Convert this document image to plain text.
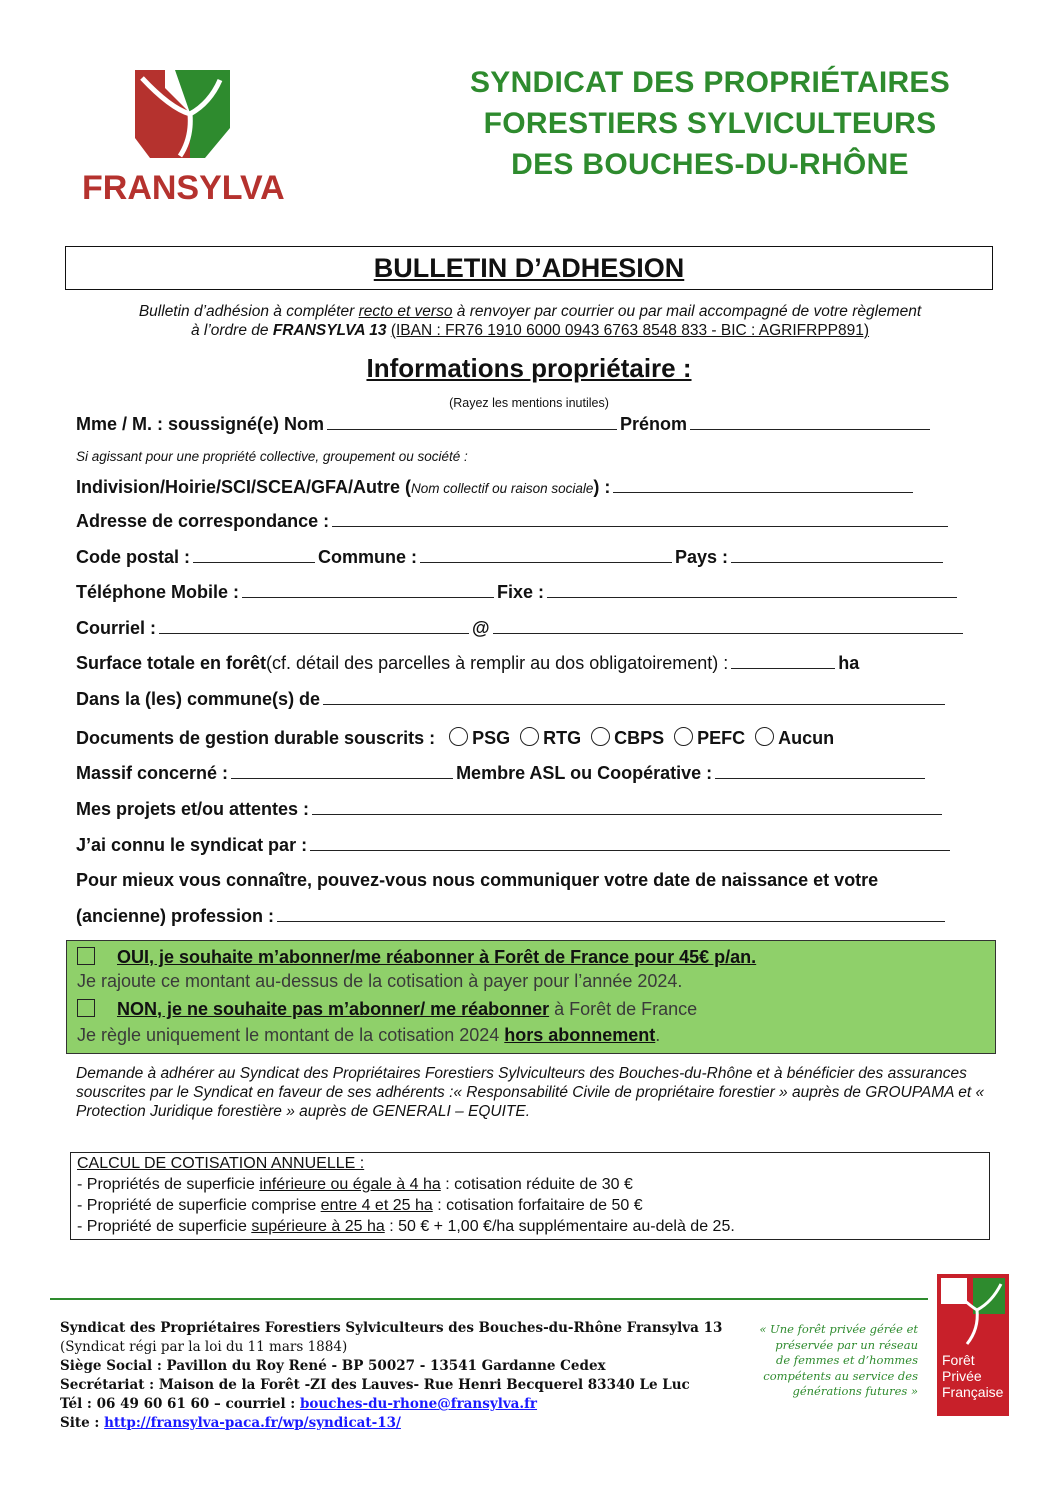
FRANSYLVA
SYNDICAT DES PROPRIÉTAIRES
FORESTIERS SYLVICULTEURS
DES BOUCHES-DU-RHÔNE
BULLETIN D’ADHESION
Bulletin d’adhésion à compléter recto et verso à renvoyer par courrier ou par mail accompagné de votre règlement
à l’ordre de FRANSYLVA 13 (IBAN : FR76 1910 6000 0943 6763 8548 833 - BIC : AGRIFRPP891)
Informations propriétaire :
(Rayez les mentions inutiles)
Mme / M. : soussigné(e) Nom	Prénom
Si agissant pour une propriété collective, groupement ou société :
Indivision/Hoirie/SCI/SCEA/GFA/Autre ( Nom collectif ou raison sociale ) :
Adresse de correspondance :
Code postal :	Commune :	Pays :
Téléphone Mobile :	Fixe :
Courriel :	@
Surface totale en forêt (cf. détail des parcelles à remplir au dos obligatoirement) :	ha
Dans la (les) commune(s) de
Documents de gestion durable souscrits : PSG RTG CBPS PEFC Aucun
Massif concerné :	Membre ASL ou Coopérative :
Mes projets et/ou attentes :
J’ai connu le syndicat par :
Pour mieux vous connaître, pouvez-vous nous communiquer votre date de naissance et votre
(ancienne) profession :
OUI, je souhaite m’abonner/me réabonner à Forêt de France pour 45€ p/an.
Je rajoute ce montant au-dessus de la cotisation à payer pour l’année 2024.
NON, je ne souhaite pas m’abonner/ me réabonner à Forêt de France
Je règle uniquement le montant de la cotisation 2024 hors abonnement.
Demande à adhérer au Syndicat des Propriétaires Forestiers Sylviculteurs des Bouches-du-Rhône et à bénéficier des assurances souscrites par le Syndicat en faveur de ses adhérents :« Responsabilité Civile de propriétaire forestier » auprès de GROUPAMA et « Protection Juridique forestière » auprès de GENERALI – EQUITE.
CALCUL DE COTISATION ANNUELLE :
- Propriétés de superficie inférieure ou égale à 4 ha : cotisation réduite de 30 €
- Propriété de superficie comprise entre 4 et 25 ha : cotisation forfaitaire de 50 €
- Propriété de superficie supérieure à 25 ha : 50 € + 1,00 €/ha supplémentaire au-delà de 25.
Syndicat des Propriétaires Forestiers Sylviculteurs des Bouches-du-Rhône Fransylva 13
(Syndicat régi par la loi du 11 mars 1884)
Siège Social : Pavillon du Roy René - BP 50027 - 13541 Gardanne Cedex
Secrétariat : Maison de la Forêt -ZI des Lauves- Rue Henri Becquerel 83340 Le Luc
Tél : 06 49 60 61 60 – courriel : bouches-du-rhone@fransylva.fr
Site : http://fransylva-paca.fr/wp/syndicat-13/
« Une forêt privée gérée et préservée par un réseau de femmes et d’hommes compétents au service des générations futures »
Forêt Privée Française
